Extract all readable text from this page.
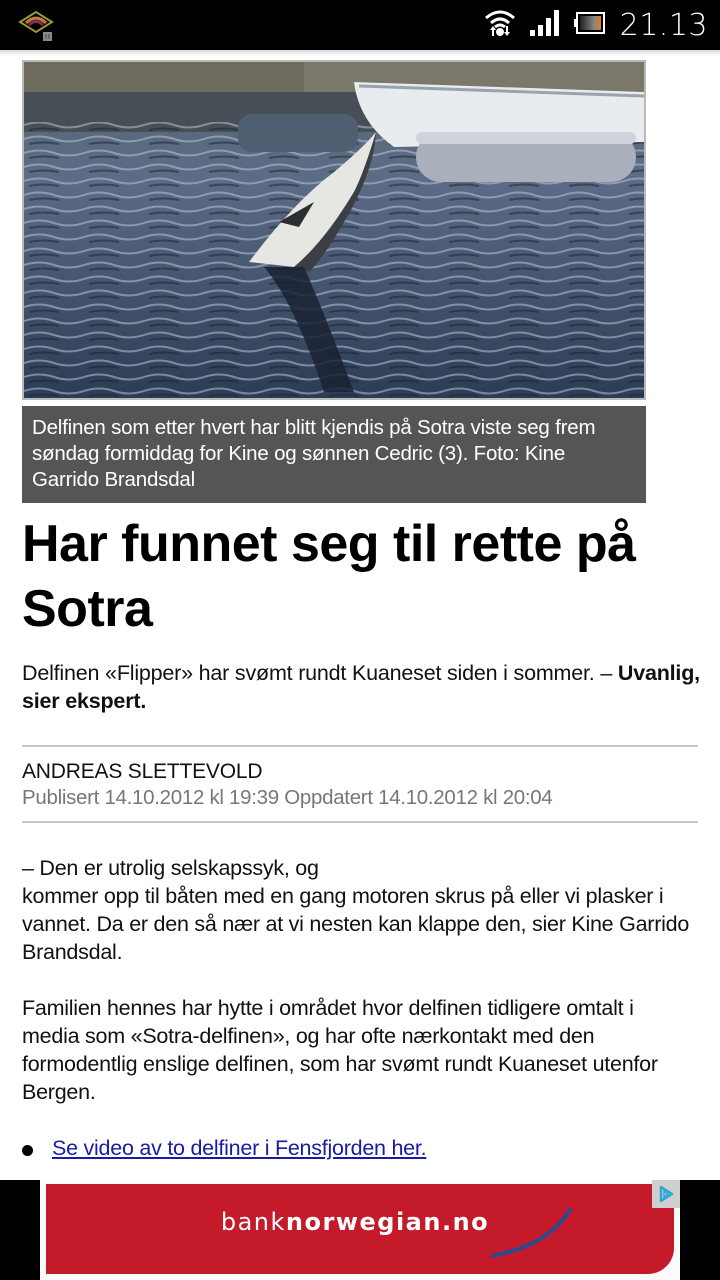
21.13
Delfinen som etter hvert har blitt kjendis på Sotra viste seg frem søndag formiddag for Kine og sønnen Cedric (3). Foto: Kine Garrido Brandsdal
Har funnet seg til rette på Sotra

Delfinen «Flipper» har svømt rundt Kuaneset siden i sommer. – Uvanlig, sier ekspert.

ANDREAS SLETTEVOLD
Publisert 14.10.2012 kl 19:39 Oppdatert 14.10.2012 kl 20:04
– Den er utrolig selskapssyk, og
kommer opp til båten med en gang motoren skrus på eller vi plasker i vannet. Da er den så nær at vi nesten kan klappe den, sier Kine Garrido Brandsdal.
Familien hennes har hytte i området hvor delfinen tidligere omtalt i media som «Sotra-delfinen», og har ofte nærkontakt med den formodentlig enslige delfinen, som har svømt rundt Kuaneset utenfor Bergen.
Se video av to delfiner i Fensfjorden her.
banknorwegian.no
